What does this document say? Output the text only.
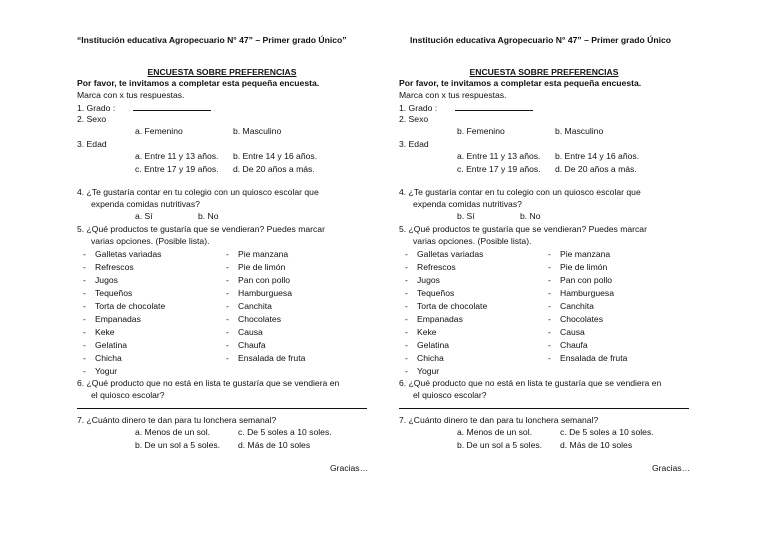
“Institución educativa Agropecuario N° 47” – Primer grado Único”
ENCUESTA SOBRE PREFERENCIAS
Por favor, te invitamos a completar esta pequeña encuesta.
Marca con x tus respuestas.
1. Grado :
2. Sexo
a. Femenino	b. Masculino
3. Edad
a. Entre 11 y 13 años. b. Entre 14 y 16 años.
c. Entre 17 y 19 años. d. De 20 años a más.
4. ¿Te gustaría contar en tu colegio con un quiosco escolar que
expenda comidas nutritivas?
a. Sí	b. No
5. ¿Qué productos te gustaría que se vendieran? Puedes marcar
varias opciones. (Posible lista).
- Galletas variadas
- Refrescos
- Jugos
- Tequeños
- Torta de chocolate
- Empanadas
- Keke
- Gelatina
- Chicha
- Yogur
- Pie manzana
- Pie de limón
- Pan con pollo
- Hamburguesa
- Canchita
- Chocolates
- Causa
- Chaufa
- Ensalada de fruta
6. ¿Qué producto que no está en lista te gustaría que se vendiera en
el quiosco escolar?
7. ¿Cuánto dinero te dan para tu lonchera semanal?
a. Menos de un sol.	c. De 5 soles a 10 soles.
b. De un sol a 5 soles. d. Más de 10 soles
Gracias…
Institución educativa Agropecuario N° 47” – Primer grado Único
ENCUESTA SOBRE PREFERENCIAS
Por favor, te invitamos a completar esta pequeña encuesta.
Marca con x tus respuestas.
1. Grado :
2. Sexo
b. Femenino	b. Masculino
3. Edad
a. Entre 11 y 13 años. b. Entre 14 y 16 años.
c. Entre 17 y 19 años. d. De 20 años a más.
4. ¿Te gustaría contar en tu colegio con un quiosco escolar que
expenda comidas nutritivas?
b. Sí	b. No
5. ¿Qué productos te gustaría que se vendieran? Puedes marcar
varias opciones. (Posible lista).
- Galletas variadas
- Refrescos
- Jugos
- Tequeños
- Torta de chocolate
- Empanadas
- Keke
- Gelatina
- Chicha
- Yogur
- Pie manzana
- Pie de limón
- Pan con pollo
- Hamburguesa
- Canchita
- Chocolates
- Causa
- Chaufa
- Ensalada de fruta
6. ¿Qué producto que no está en lista te gustaría que se vendiera en
el quiosco escolar?
7. ¿Cuánto dinero te dan para tu lonchera semanal?
a. Menos de un sol.	c. De 5 soles a 10 soles.
b. De un sol a 5 soles. d. Más de 10 soles
Gracias…
